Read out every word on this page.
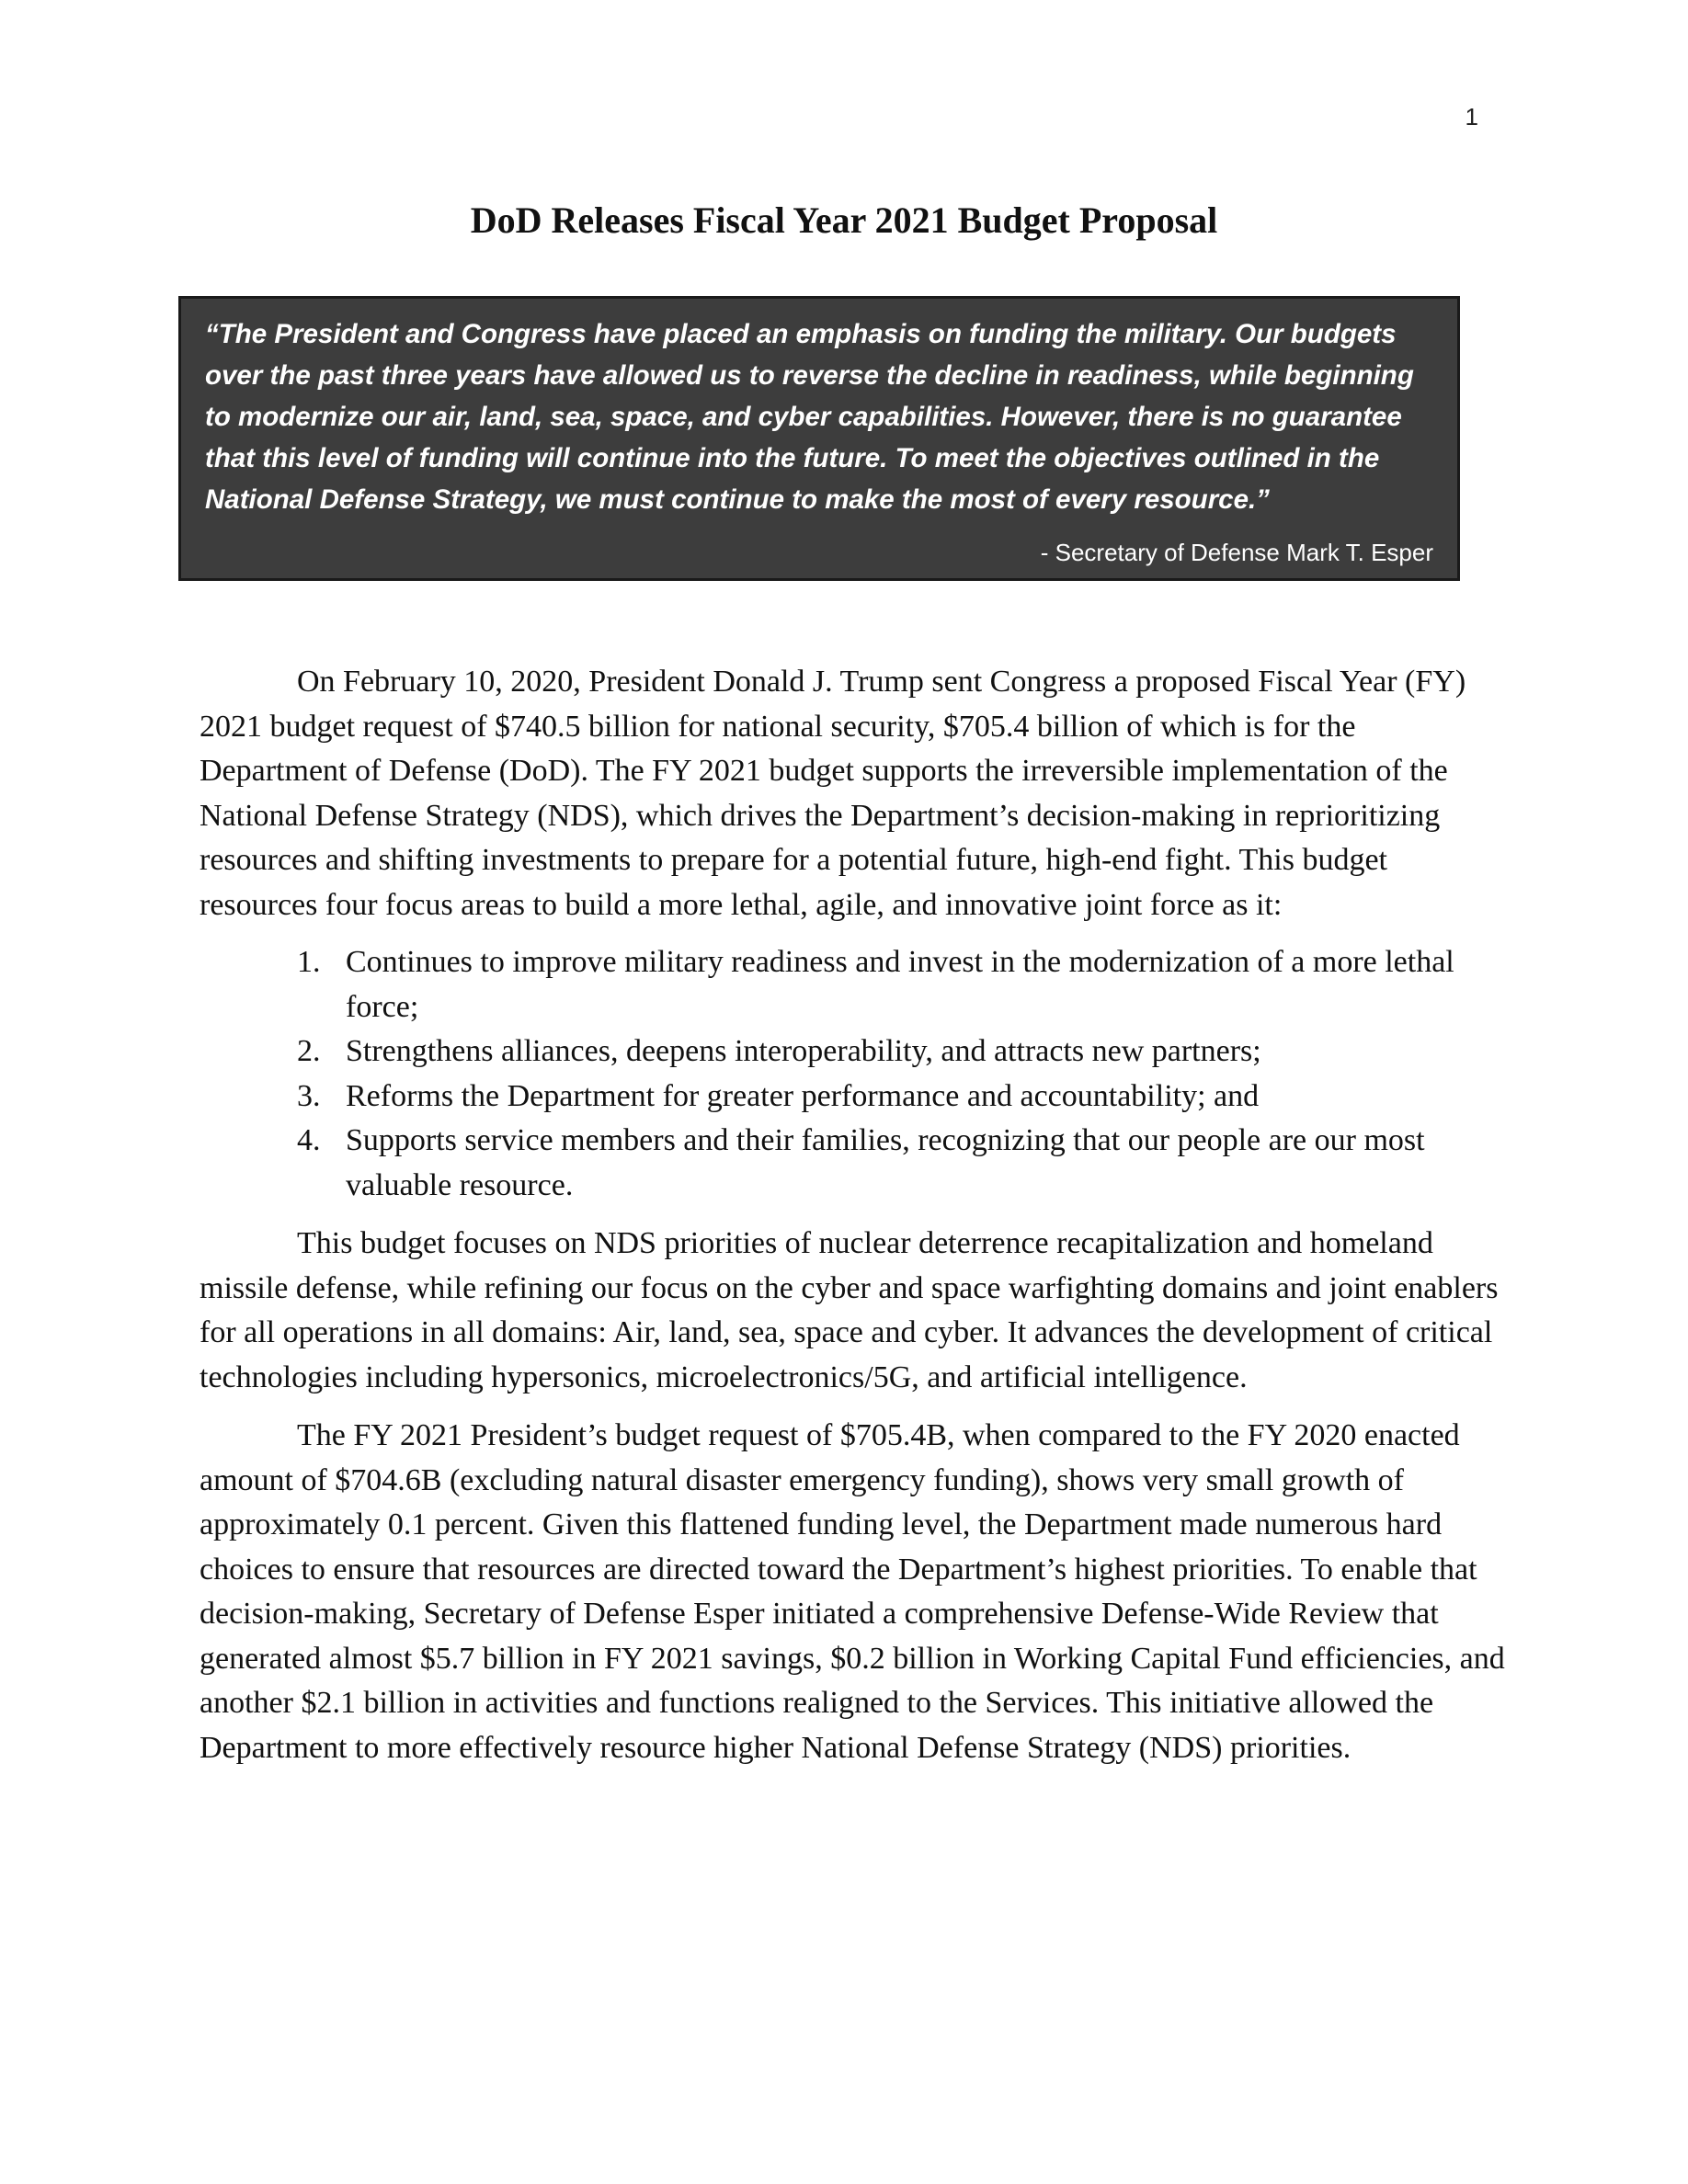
1
DoD Releases Fiscal Year 2021 Budget Proposal

“The President and Congress have placed an emphasis on funding the military. Our budgets
over the past three years have allowed us to reverse the decline in readiness, while beginning
to modernize our air, land, sea, space, and cyber capabilities. However, there is no guarantee
that this level of funding will continue into the future. To meet the objectives outlined in the
National Defense Strategy, we must continue to make the most of every resource.”

- Secretary of Defense Mark T. Esper

On February 10, 2020, President Donald J. Trump sent Congress a proposed Fiscal Year (FY) 2021 budget request of $740.5 billion for national security, $705.4 billion of which is for the Department of Defense (DoD). The FY 2021 budget supports the irreversible implementation of the National Defense Strategy (NDS), which drives the Department’s decision-making in reprioritizing resources and shifting investments to prepare for a potential future, high-end fight. This budget resources four focus areas to build a more lethal, agile, and innovative joint force as it:

1. Continues to improve military readiness and invest in the modernization of a more lethal force;
2. Strengthens alliances, deepens interoperability, and attracts new partners;
3. Reforms the Department for greater performance and accountability; and
4. Supports service members and their families, recognizing that our people are our most valuable resource.

This budget focuses on NDS priorities of nuclear deterrence recapitalization and homeland missile defense, while refining our focus on the cyber and space warfighting domains and joint enablers for all operations in all domains: Air, land, sea, space and cyber. It advances the development of critical technologies including hypersonics, microelectronics/5G, and artificial intelligence.

The FY 2021 President’s budget request of $705.4B, when compared to the FY 2020 enacted amount of $704.6B (excluding natural disaster emergency funding), shows very small growth of approximately 0.1 percent. Given this flattened funding level, the Department made numerous hard choices to ensure that resources are directed toward the Department’s highest priorities. To enable that decision-making, Secretary of Defense Esper initiated a comprehensive Defense-Wide Review that generated almost $5.7 billion in FY 2021 savings, $0.2 billion in Working Capital Fund efficiencies, and another $2.1 billion in activities and functions realigned to the Services. This initiative allowed the Department to more effectively resource higher National Defense Strategy (NDS) priorities.
